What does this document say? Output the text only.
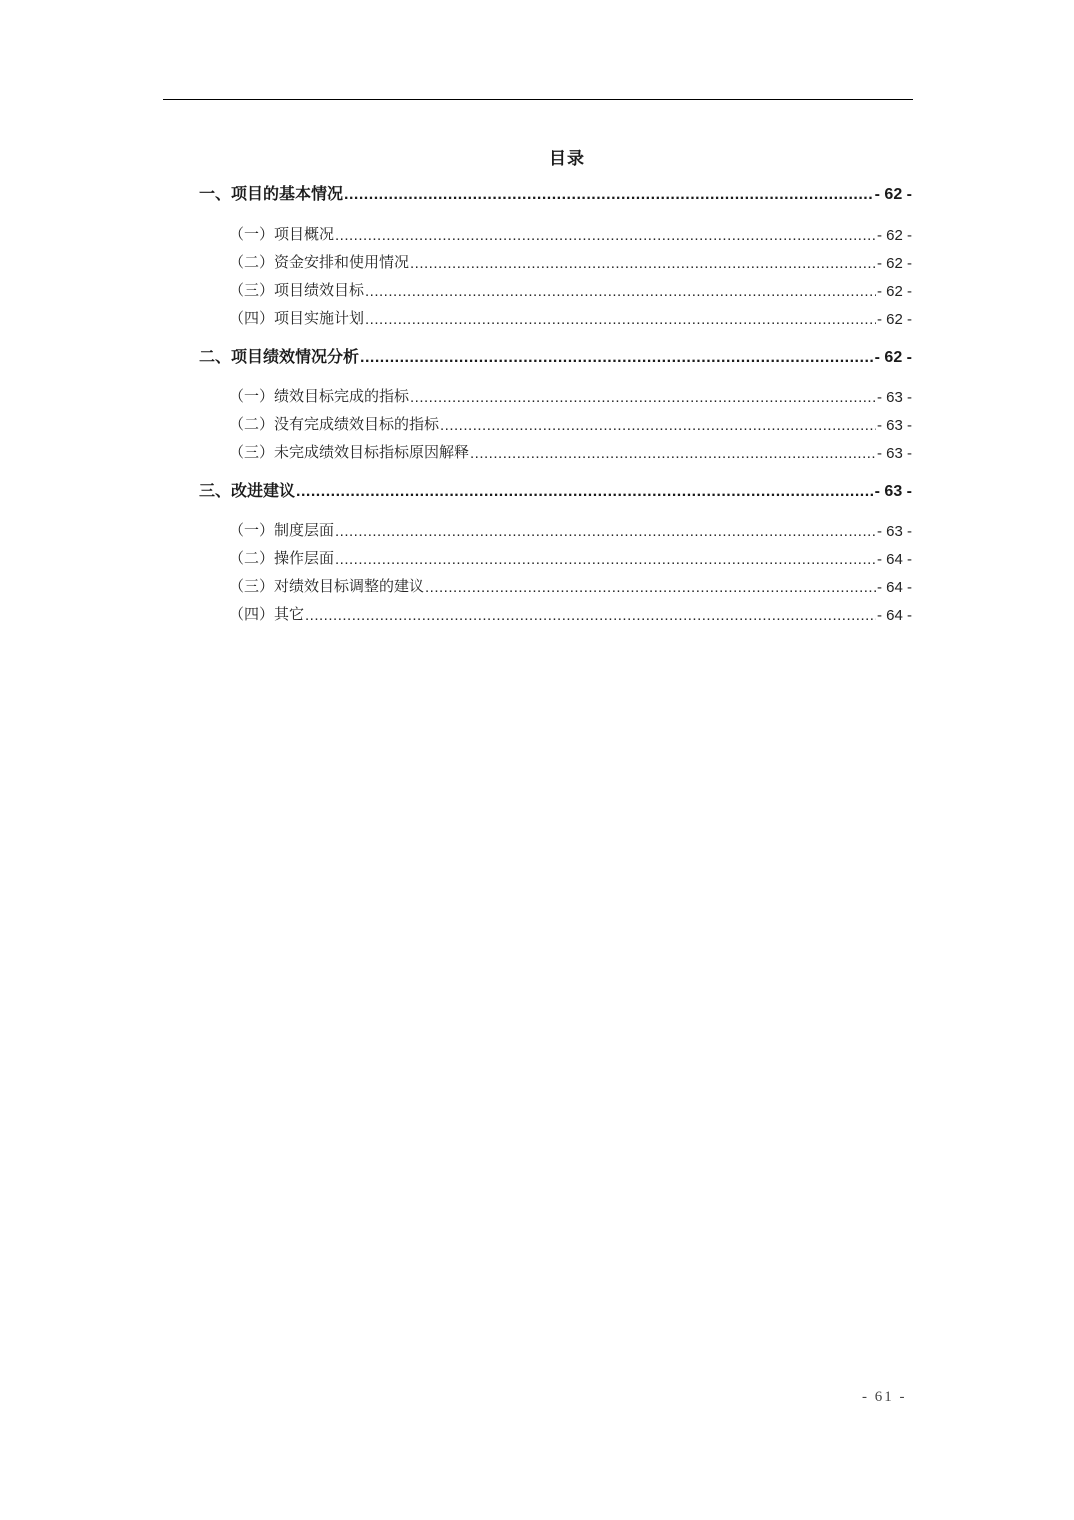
目录
一、项目的基本情况 .....	- 62 -
（一）项目概况 .....	- 62 -
（二）资金安排和使用情况 .....	- 62 -
（三）项目绩效目标 .....	- 62 -
（四）项目实施计划 .....	- 62 -
二、项目绩效情况分析 .....	- 62 -
（一）绩效目标完成的指标 .....	- 63 -
（二）没有完成绩效目标的指标 .....	- 63 -
（三）未完成绩效目标指标原因解释 .....	- 63 -
三、改进建议 .....	- 63 -
（一）制度层面 .....	- 63 -
（二）操作层面 .....	- 64 -
（三）对绩效目标调整的建议 .....	- 64 -
（四）其它 .....	- 64 -
- 61 -
